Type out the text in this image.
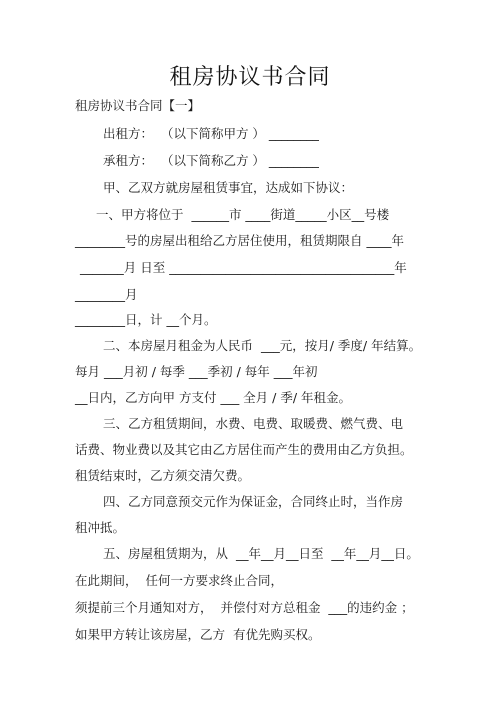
租房协议书合同
租房协议书合同【一】
出租方：  （以下简称甲方 ） ________
承租方：  （以下简称乙方 ） ________
甲、乙双方就房屋租赁事宜，达成如下协议：
一、甲方将位于  ______市 ____街道_____小区__号楼
________号的房屋出租给乙方居住使用，租赁期限自 ____年
_______月 日至 ____________________________________年
________月
________日，计 __个月。
二、本房屋月租金为人民币  ___元，按月/ 季度/ 年结算。
每月 ___月初 / 每季 ___季初 / 每年 ___年初
__日内，乙方向甲 方支付 ___ 全月 / 季/ 年租金。
三、乙方租赁期间，水费、电费、取暖费、燃气费、电
话费、物业费以及其它由乙方居住而产生的费用由乙方负担。
租赁结束时，乙方须交清欠费。
四、乙方同意预交元作为保证金，合同终止时，当作房
租冲抵。
五、房屋租赁期为，从  __年__月__日至  __年__月__日。
在此期间，  任何一方要求终止合同，
须提前三个月通知对方，  并偿付对方总租金  ___的违约金 ；
如果甲方转让该房屋，乙方  有优先购买权。
